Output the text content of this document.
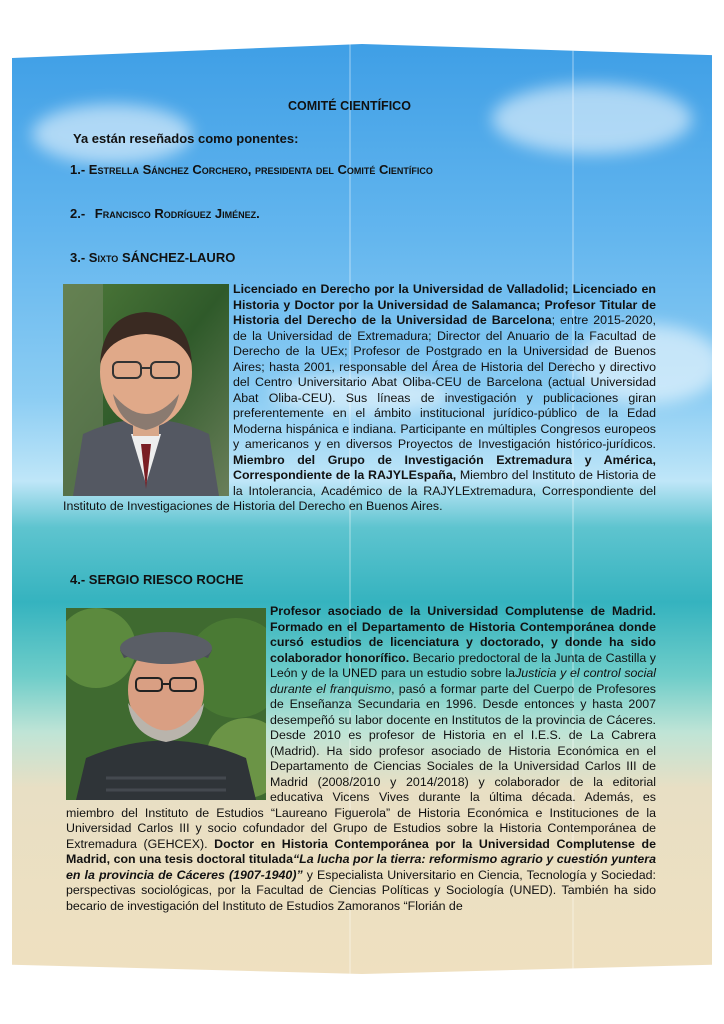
COMITÉ CIENTÍFICO
Ya están reseñados como ponentes:
1.- Estrella Sánchez Corchero, presidenta del Comité Científico
2.- Francisco Rodríguez Jiménez.
3.- Sixto SÁNCHEZ-LAURO
Licenciado en Derecho por la Universidad de Valladolid; Licenciado en Historia y Doctor por la Universidad de Salamanca; Profesor Titular de Historia del Derecho de la Universidad de Barcelona; entre 2015-2020, de la Universidad de Extremadura; Director del Anuario de la Facultad de Derecho de la UEx; Profesor de Postgrado en la Universidad de Buenos Aires; hasta 2001, responsable del Área de Historia del Derecho y directivo del Centro Universitario Abat Oliba-CEU de Barcelona (actual Universidad Abat Oliba-CEU). Sus líneas de investigación y publicaciones giran preferentemente en el ámbito institucional jurídico-público de la Edad Moderna hispánica e indiana. Participante en múltiples Congresos europeos y americanos y en diversos Proyectos de Investigación histórico-jurídicos. Miembro del Grupo de Investigación Extremadura y América, Correspondiente de la RAJYLEspaña, Miembro del Instituto de Historia de la Intolerancia, Académico de la RAJYLExtremadura, Correspondiente del Instituto de Investigaciones de Historia del Derecho en Buenos Aires.
4.- SERGIO RIESCO ROCHE
Profesor asociado de la Universidad Complutense de Madrid. Formado en el Departamento de Historia Contemporánea donde cursó estudios de licenciatura y doctorado, y donde ha sido colaborador honorífico. Becario predoctoral de la Junta de Castilla y León y de la UNED para un estudio sobre laJusticia y el control social durante el franquismo, pasó a formar parte del Cuerpo de Profesores de Enseñanza Secundaria en 1996. Desde entonces y hasta 2007 desempeñó su labor docente en Institutos de la provincia de Cáceres. Desde 2010 es profesor de Historia en el I.E.S. de La Cabrera (Madrid). Ha sido profesor asociado de Historia Económica en el Departamento de Ciencias Sociales de la Universidad Carlos III de Madrid (2008/2010 y 2014/2018) y colaborador de la editorial educativa Vicens Vives durante la última década. Además, es miembro del Instituto de Estudios “Laureano Figuerola” de Historia Económica e Instituciones de la Universidad Carlos III y socio cofundador del Grupo de Estudios sobre la Historia Contemporánea de Extremadura (GEHCEX). Doctor en Historia Contemporánea por la Universidad Complutense de Madrid, con una tesis doctoral titulada“La lucha por la tierra: reformismo agrario y cuestión yuntera en la provincia de Cáceres (1907-1940)” y Especialista Universitario en Ciencia, Tecnología y Sociedad: perspectivas sociológicas, por la Facultad de Ciencias Políticas y Sociología (UNED). También ha sido becario de investigación del Instituto de Estudios Zamoranos “Florián de
